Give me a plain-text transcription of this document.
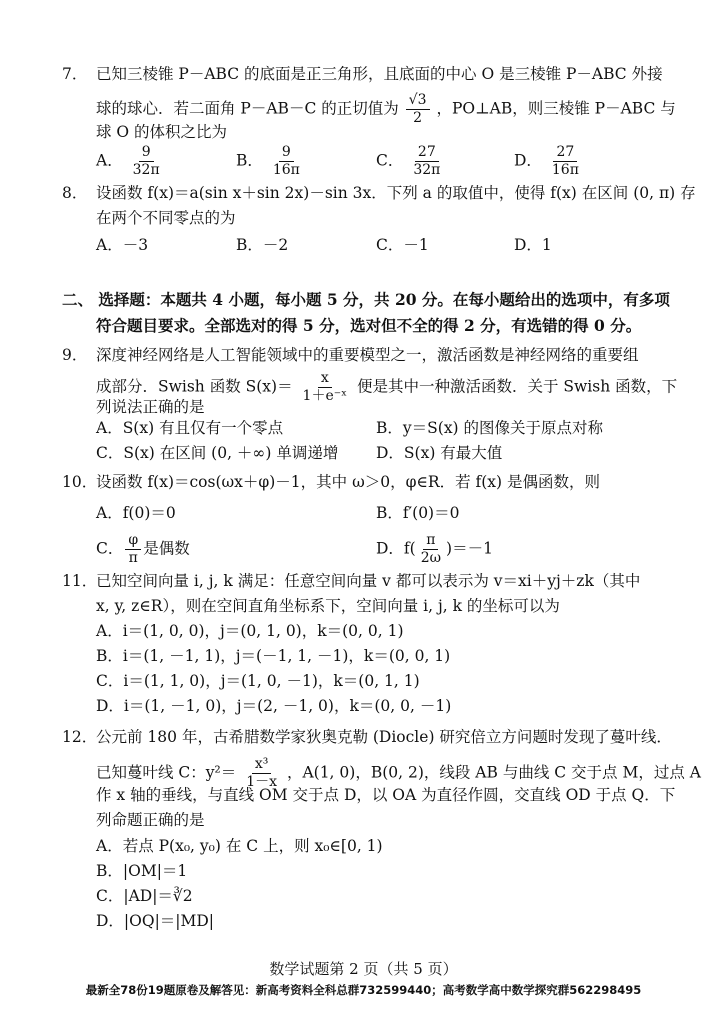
7． 已知三棱锥 P－ABC 的底面是正三角形，且底面的中心 O 是三棱锥 P－ABC 外接
球的球心．若二面角 P－AB－C 的正切值为 $\frac{√3}{2}$ ，PO⊥AB，则三棱锥 P－ABC 与
球 O 的体积之比为
A． $\frac{9}{32\pi}$	B． $\frac{9}{16\pi}$	C． $\frac{27}{32\pi}$	D． $\frac{27}{16\pi}$
8． 设函数 f(x)＝a(sin x＋sin 2x)－sin 3x．下列 a 的取值中，使得 f(x) 在区间 (0, π) 存
在两个不同零点的为
A．－3	B．－2	C．－1	D．1
二、 选择题：本题共 4 小题，每小题 5 分，共 20 分。在每小题给出的选项中，有多项
符合题目要求。全部选对的得 5 分，选对但不全的得 2 分，有选错的得 0 分。
9． 深度神经网络是人工智能领域中的重要模型之一，激活函数是神经网络的重要组
成部分．Swish 函数 $S(x)= \frac{x}{\text{1＋e⁻ˣ}}$ 便是其中一种激活函数．关于 Swish 函数，下
列说法正确的是
A．S(x) 有且仅有一个零点	B．y＝S(x) 的图像关于原点对称
C．S(x) 在区间 (0, ＋∞) 单调递增 D．S(x) 有最大值
10．
设函数 f(x)＝cos(ωx＋φ)－1，其中 ω＞0，φ∈R．若 f(x) 是偶函数，则
A．f(0)＝0	B．f′(0)＝0
C． $\frac{\varphi}{\pi}$ 是偶数	D．$f( \frac{\pi}{2\omega} )=-1$
11．
已知空间向量 i, j, k 满足：任意空间向量 v 都可以表示为 v＝xi＋yj＋zk（其中
x, y, z∈R），则在空间直角坐标系下，空间向量 i, j, k 的坐标可以为
A．i＝(1, 0, 0)，j＝(0, 1, 0)，k＝(0, 0, 1)
B．i＝(1, －1, 1)，j＝(－1, 1, －1)，k＝(0, 0, 1)
C．i＝(1, 1, 0)，j＝(1, 0, －1)，k＝(0, 1, 1)
D．i＝(1, －1, 0)，j＝(2, －1, 0)，k＝(0, 0, －1)
12．
公元前 180 年，古希腊数学家狄奥克勒 (Diocle) 研究倍立方问题时发现了蔓叶线．
已知蔓叶线 C：$y^2= \frac{\text{x³}}{1-x}$ ，A(1, 0)，B(0, 2)，线段 AB 与曲线 C 交于点 M，过点 A
作 x 轴的垂线，与直线 OM 交于点 D，以 OA 为直径作圆，交直线 OD 于点 Q．下
列命题正确的是
A．若点 P(x₀, y₀) 在 C 上，则 x₀∈[0, 1)
B．|OM|＝1
C．|AD|＝∛2
D．|OQ|＝|MD|
数学试题第 2 页（共 5 页）
最新全78份19题原卷及解答见：新高考资料全科总群732599440；高考数学高中数学探究群562298495
